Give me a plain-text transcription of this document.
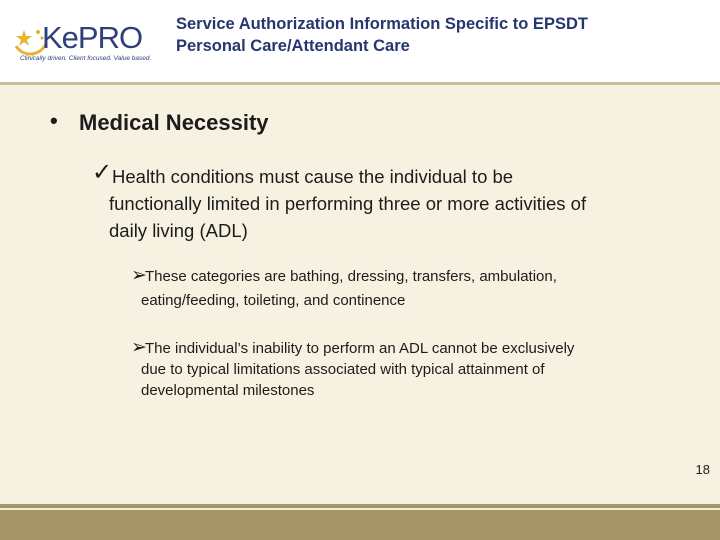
KePRO
Clinically driven. Client focused. Value based.
Service Authorization Information Specific to EPSDT
Personal Care/Attendant Care
• Medical Necessity
✓ Health conditions must cause the individual to be
functionally limited in performing three or more activities of
daily living (ADL)
➢
These categories are bathing, dressing, transfers, ambulation,
eating/feeding, toileting, and continence
➢
The individual’s inability to perform an ADL cannot be exclusively
due to typical limitations associated with typical attainment of
developmental milestones
18
